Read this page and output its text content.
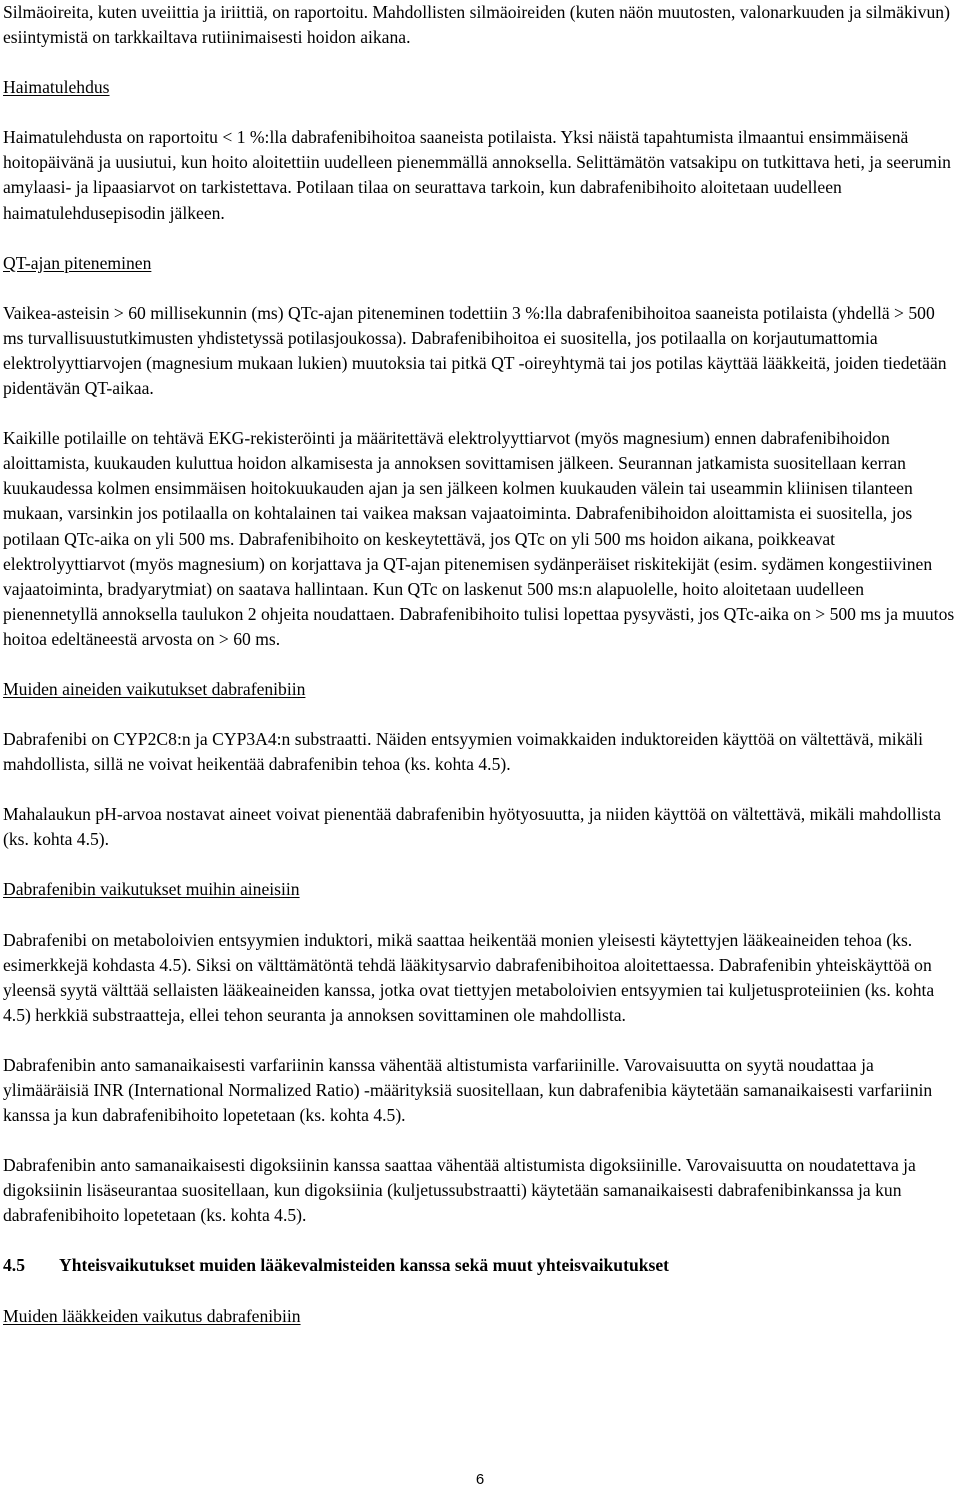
Silmäoireita, kuten uveiittia ja iriittiä, on raportoitu. Mahdollisten silmäoireiden (kuten näön muutosten, valonarkuuden ja silmäkivun) esiintymistä on tarkkailtava rutiinimaisesti hoidon aikana.

Haimatulehdus

Haimatulehdusta on raportoitu < 1 %:lla dabrafenibihoitoa saaneista potilaista. Yksi näistä tapahtumista ilmaantui ensimmäisenä hoitopäivänä ja uusiutui, kun hoito aloitettiin uudelleen pienemmällä annoksella. Selittämätön vatsakipu on tutkittava heti, ja seerumin amylaasi- ja lipaasiarvot on tarkistettava. Potilaan tilaa on seurattava tarkoin, kun dabrafenibihoito aloitetaan uudelleen haimatulehdusepisodin jälkeen.

QT-ajan piteneminen

Vaikea-asteisin > 60 millisekunnin (ms) QTc-ajan piteneminen todettiin 3 %:lla dabrafenibihoitoa saaneista potilaista (yhdellä > 500 ms turvallisuustutkimusten yhdistetyssä potilasjoukossa). Dabrafenibihoitoa ei suositella, jos potilaalla on korjautumattomia elektrolyyttiarvojen (magnesium mukaan lukien) muutoksia tai pitkä QT -oireyhtymä tai jos potilas käyttää lääkkeitä, joiden tiedetään pidentävän QT-aikaa.

Kaikille potilaille on tehtävä EKG-rekisteröinti ja määritettävä elektrolyyttiarvot (myös magnesium) ennen dabrafenibihoidon aloittamista, kuukauden kuluttua hoidon alkamisesta ja annoksen sovittamisen jälkeen. Seurannan jatkamista suositellaan kerran kuukaudessa kolmen ensimmäisen hoitokuukauden ajan ja sen jälkeen kolmen kuukauden välein tai useammin kliinisen tilanteen mukaan, varsinkin jos potilaalla on kohtalainen tai vaikea maksan vajaatoiminta. Dabrafenibihoidon aloittamista ei suositella, jos potilaan QTc-aika on yli 500 ms. Dabrafenibihoito on keskeytettävä, jos QTc on yli 500 ms hoidon aikana, poikkeavat elektrolyyttiarvot (myös magnesium) on korjattava ja QT-ajan pitenemisen sydänperäiset riskitekijät (esim. sydämen kongestiivinen vajaatoiminta, bradyarytmiat) on saatava hallintaan. Kun QTc on laskenut 500 ms:n alapuolelle, hoito aloitetaan uudelleen pienennetyllä annoksella taulukon 2 ohjeita noudattaen. Dabrafenibihoito tulisi lopettaa pysyvästi, jos QTc-aika on > 500 ms ja muutos hoitoa edeltäneestä arvosta on > 60 ms.

Muiden aineiden vaikutukset dabrafenibiin

Dabrafenibi on CYP2C8:n ja CYP3A4:n substraatti. Näiden entsyymien voimakkaiden induktoreiden käyttöä on vältettävä, mikäli mahdollista, sillä ne voivat heikentää dabrafenibin tehoa (ks. kohta 4.5).

Mahalaukun pH-arvoa nostavat aineet voivat pienentää dabrafenibin hyötyosuutta, ja niiden käyttöä on vältettävä, mikäli mahdollista (ks. kohta 4.5).

Dabrafenibin vaikutukset muihin aineisiin

Dabrafenibi on metaboloivien entsyymien induktori, mikä saattaa heikentää monien yleisesti käytettyjen lääkeaineiden tehoa (ks. esimerkkejä kohdasta 4.5). Siksi on välttämätöntä tehdä lääkitysarvio dabrafenibihoitoa aloitettaessa. Dabrafenibin yhteiskäyttöä on yleensä syytä välttää sellaisten lääkeaineiden kanssa, jotka ovat tiettyjen metaboloivien entsyymien tai kuljetusproteiinien (ks. kohta 4.5) herkkiä substraatteja, ellei tehon seuranta ja annoksen sovittaminen ole mahdollista.

Dabrafenibin anto samanaikaisesti varfariinin kanssa vähentää altistumista varfariinille. Varovaisuutta on syytä noudattaa ja ylimääräisiä INR (International Normalized Ratio) -määrityksiä suositellaan, kun dabrafenibia käytetään samanaikaisesti varfariinin kanssa ja kun dabrafenibihoito lopetetaan (ks. kohta 4.5).

Dabrafenibin anto samanaikaisesti digoksiinin kanssa saattaa vähentää altistumista digoksiinille. Varovaisuutta on noudatettava ja digoksiinin lisäseurantaa suositellaan, kun digoksiinia (kuljetussubstraatti) käytetään samanaikaisesti dabrafenibinkanssa ja kun dabrafenibihoito lopetetaan (ks. kohta 4.5).

4.5	Yhteisvaikutukset muiden lääkevalmisteiden kanssa sekä muut yhteisvaikutukset

Muiden lääkkeiden vaikutus dabrafenibiin

6
